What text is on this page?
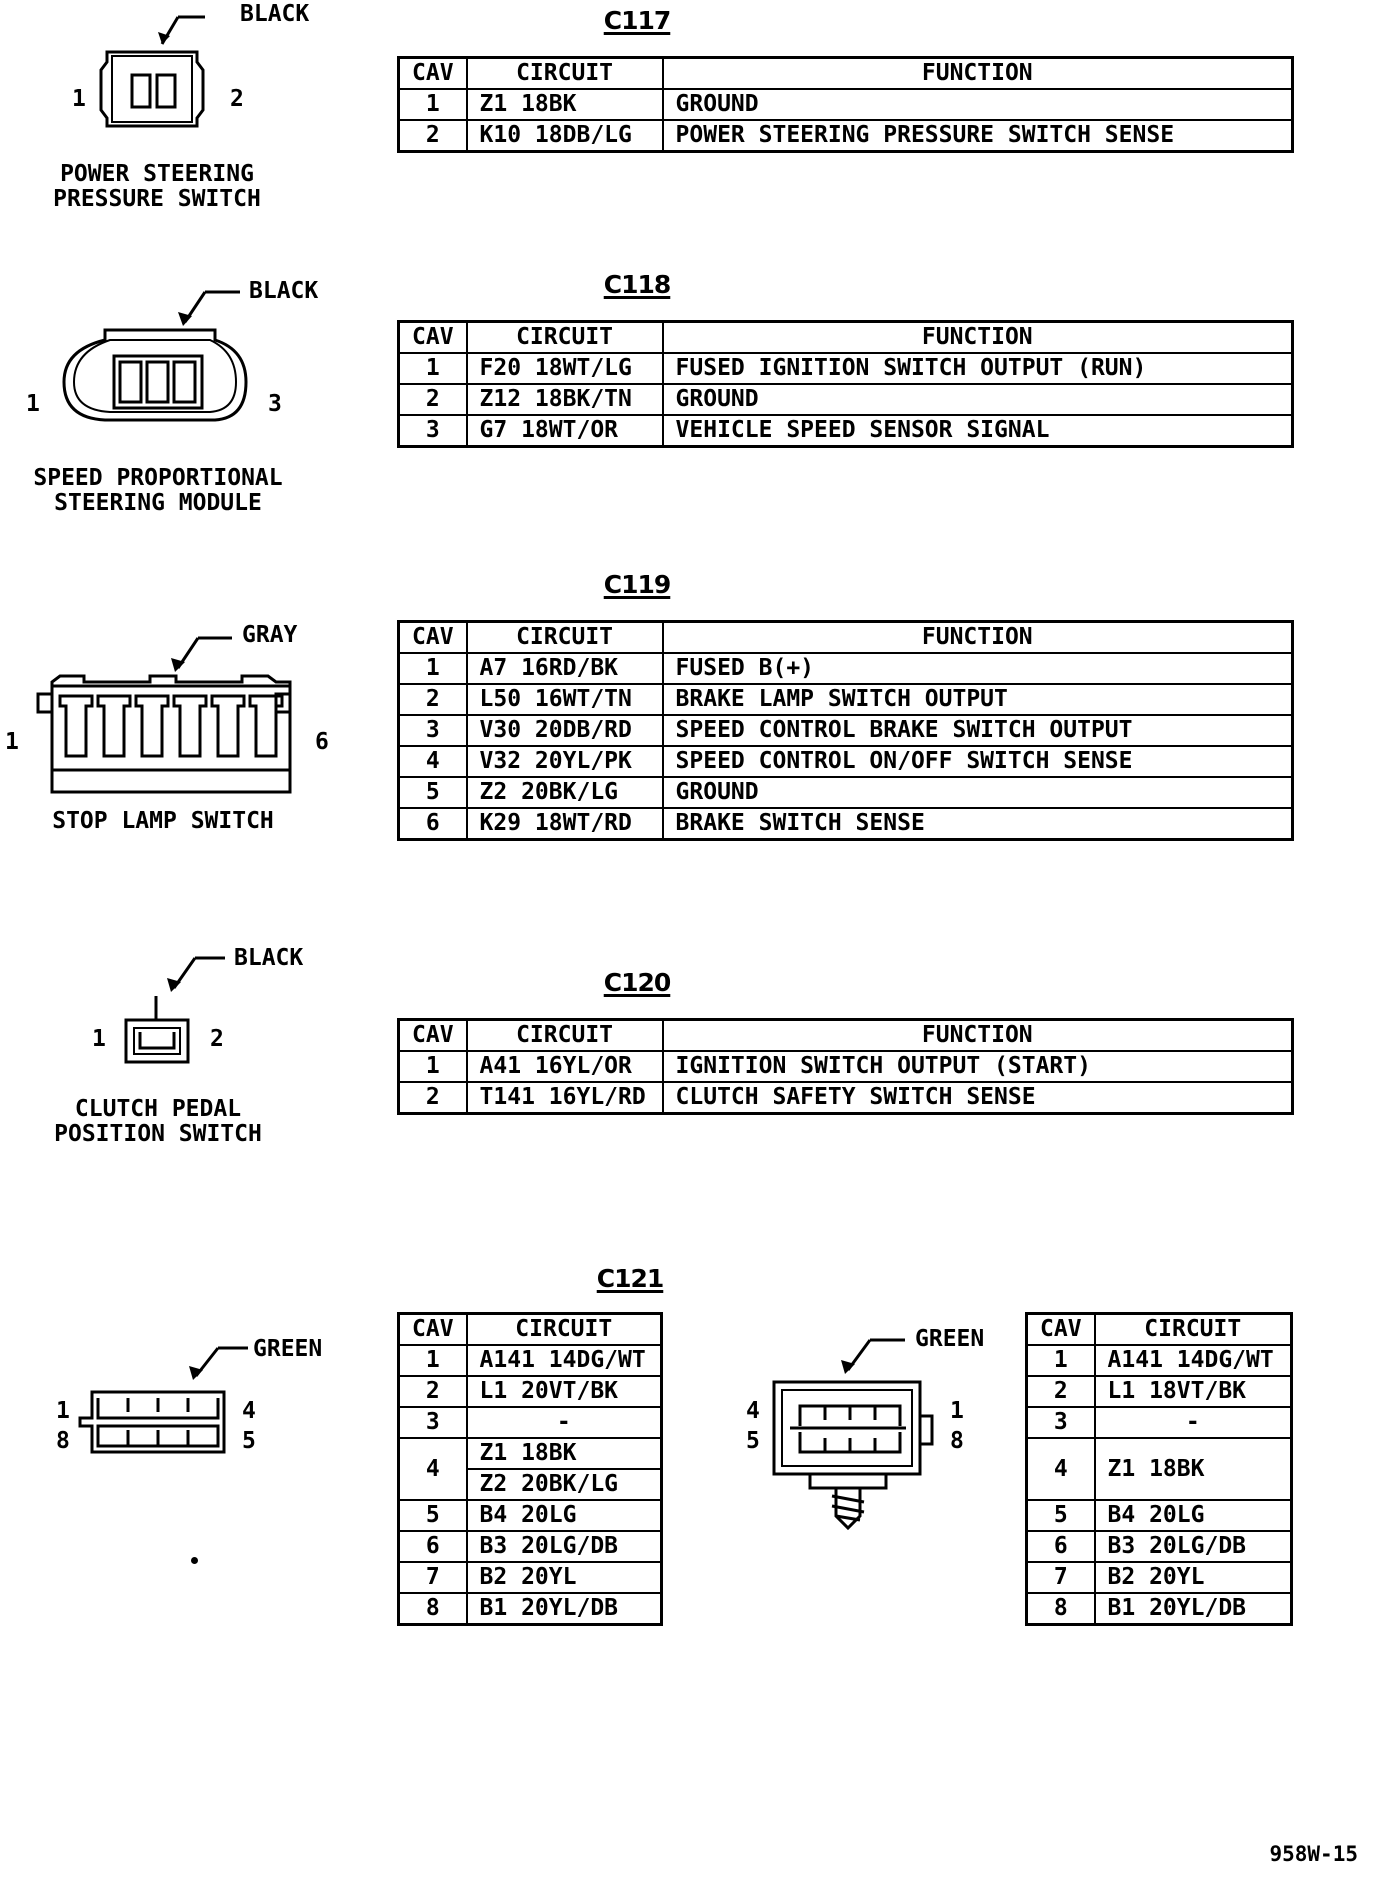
C117
BLACK
1	2
POWER STEERING
PRESSURE SWITCH
CAV	CIRCUIT	FUNCTION
1	Z1 18BK	GROUND
2	K10 18DB/LG	POWER STEERING PRESSURE SWITCH SENSE
C118
BLACK
1	3
SPEED PROPORTIONAL
STEERING MODULE
CAV	CIRCUIT	FUNCTION
1	F20 18WT/LG	FUSED IGNITION SWITCH OUTPUT (RUN)
2	Z12 18BK/TN	GROUND
3	G7 18WT/OR	VEHICLE SPEED SENSOR SIGNAL
C119
GRAY
1	6
STOP LAMP SWITCH
CAV	CIRCUIT	FUNCTION
1	A7 16RD/BK	FUSED B(+)
2	L50 16WT/TN	BRAKE LAMP SWITCH OUTPUT
3	V30 20DB/RD	SPEED CONTROL BRAKE SWITCH OUTPUT
4	V32 20YL/PK	SPEED CONTROL ON/OFF SWITCH SENSE
5	Z2 20BK/LG	GROUND
6	K29 18WT/RD	BRAKE SWITCH SENSE
C120
BLACK
1	2
CLUTCH PEDAL
POSITION SWITCH
CAV	CIRCUIT	FUNCTION
1	A41 16YL/OR	IGNITION SWITCH OUTPUT (START)
2	T141 16YL/RD	CLUTCH SAFETY SWITCH SENSE
C121
GREEN
1	4
8	5
CAV	CIRCUIT
1	A141 14DG/WT
2	L1 20VT/BK
3	-
4	Z1 18BK
	Z2 20BK/LG
5	B4 20LG
6	B3 20LG/DB
7	B2 20YL
8	B1 20YL/DB
GREEN
4
5
1
8
CAV	CIRCUIT
1	A141 14DG/WT
2	L1 18VT/BK
3	-
4	Z1 18BK
5	B4 20LG
6	B3 20LG/DB
7	B2 20YL
8	B1 20YL/DB
958W-15
